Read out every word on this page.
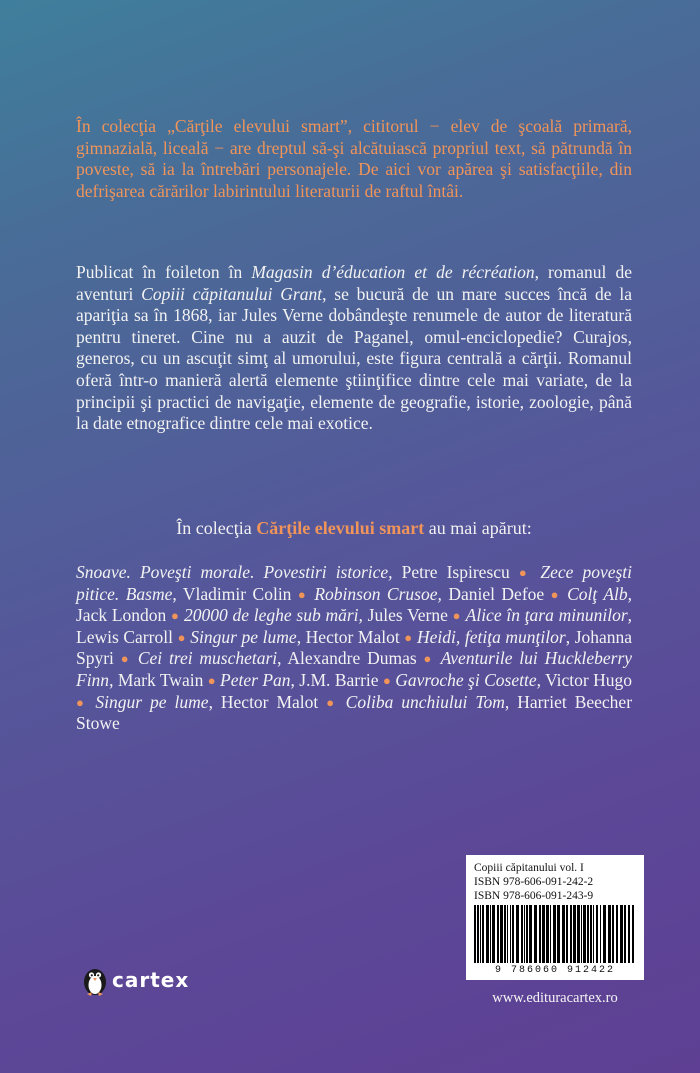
În colecţia „Cărţile elevului smart”, cititorul − elev de şcoală primară, gimnazială, liceală − are dreptul să-şi alcătuiască propriul text, să pătrundă în poveste, să ia la întrebări personajele. De aici vor apărea şi satisfacţiile, din defrişarea cărărilor labirintului literaturii de raftul întâi.
Publicat în foileton în Magasin d’éducation et de récréation, romanul de aventuri Copiii căpitanului Grant, se bucură de un mare succes încă de la apariţia sa în 1868, iar Jules Verne dobândeşte renumele de autor de literatură pentru tineret. Cine nu a auzit de Paganel, omul-enciclopedie? Curajos, generos, cu un ascuţit simţ al umorului, este figura centrală a cărţii. Romanul oferă într-o manieră alertă elemente ştiinţifice dintre cele mai variate, de la principii şi practici de navigaţie, elemente de geografie, istorie, zoologie, până la date etnografice dintre cele mai exotice.
În colecţia Cărţile elevului smart au mai apărut:
Snoave. Poveşti morale. Povestiri istorice, Petre Ispirescu ● Zece poveşti pitice. Basme, Vladimir Colin ● Robinson Crusoe, Daniel Defoe ● Colţ Alb, Jack London ● 20000 de leghe sub mări, Jules Verne ● Alice în ţara minunilor, Lewis Carroll ● Singur pe lume, Hector Malot ● Heidi, fetiţa munţilor, Johanna Spyri ● Cei trei muschetari, Alexandre Dumas ● Aventurile lui Huckleberry Finn, Mark Twain ● Peter Pan, J.M. Barrie ● Gavroche şi Cosette, Victor Hugo ● Singur pe lume, Hector Malot ● Coliba unchiului Tom, Harriet Beecher Stowe
Copiii căpitanului vol. I
ISBN 978-606-091-242-2
ISBN 978-606-091-243-9
9 786060 912422
cartex
www.edituracartex.ro
